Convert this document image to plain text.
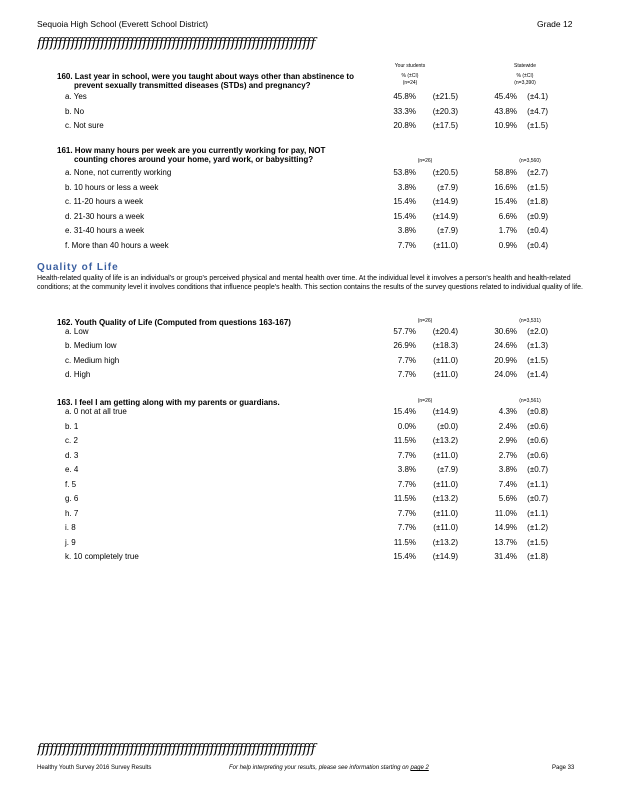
Sequoia High School (Everett School District)	Grade 12
ffffffffffffffffffffffffffffffffffffffffffffffffffffffffffffffffff
160. Last year in school, were you taught about ways other than abstinence to
prevent sexually transmitted diseases (STDs) and pregnancy?
Your students
% (±CI)
(n=24)
Statewide
% (±CI)
(n=3,390)
a. Yes	45.8%	(±21.5)	45.4%	(±4.1)
b. No	33.3%	(±20.3)	43.8%	(±4.7)
c. Not sure	20.8%	(±17.5)	10.9%	(±1.5)
161. How many hours per week are you currently working for pay, NOT
counting chores around your home, yard work, or babysitting?	(n=26)	(n=3,560)
a. None, not currently working	53.8%	(±20.5)	58.8%	(±2.7)
b. 10 hours or less a week	3.8%	(±7.9)	16.6%	(±1.5)
c. 11-20 hours a week	15.4%	(±14.9)	15.4%	(±1.8)
d. 21-30 hours a week	15.4%	(±14.9)	6.6%	(±0.9)
e. 31-40 hours a week	3.8%	(±7.9)	1.7%	(±0.4)
f. More than 40 hours a week	7.7%	(±11.0)	0.9%	(±0.4)
Quality of Life
Health-related quality of life is an individual's or group's perceived physical and mental health over time. At the individual level it involves a person's health and health-related conditions; at the community level it involves conditions that influence people's health. This section contains the results of the survey questions related to individual quality of life.
162. Youth Quality of Life (Computed from questions 163-167)	(n=26)	(n=3,531)
a. Low	57.7%	(±20.4)	30.6%	(±2.0)
b. Medium low	26.9%	(±18.3)	24.6%	(±1.3)
c. Medium high	7.7%	(±11.0)	20.9%	(±1.5)
d. High	7.7%	(±11.0)	24.0%	(±1.4)
163. I feel I am getting along with my parents or guardians.	(n=26)	(n=3,561)
a. 0 not at all true	15.4%	(±14.9)	4.3%	(±0.8)
b. 1	0.0%	(±0.0)	2.4%	(±0.6)
c. 2	11.5%	(±13.2)	2.9%	(±0.6)
d. 3	7.7%	(±11.0)	2.7%	(±0.6)
e. 4	3.8%	(±7.9)	3.8%	(±0.7)
f. 5	7.7%	(±11.0)	7.4%	(±1.1)
g. 6	11.5%	(±13.2)	5.6%	(±0.7)
h. 7	7.7%	(±11.0)	11.0%	(±1.1)
i. 8	7.7%	(±11.0)	14.9%	(±1.2)
j. 9	11.5%	(±13.2)	13.7%	(±1.5)
k. 10 completely true	15.4%	(±14.9)	31.4%	(±1.8)
ffffffffffffffffffffffffffffffffffffffffffffffffffffffffffffffffff
Healthy Youth Survey 2016 Survey Results	For help interpreting your results, please see information starting on page 2	Page 33
